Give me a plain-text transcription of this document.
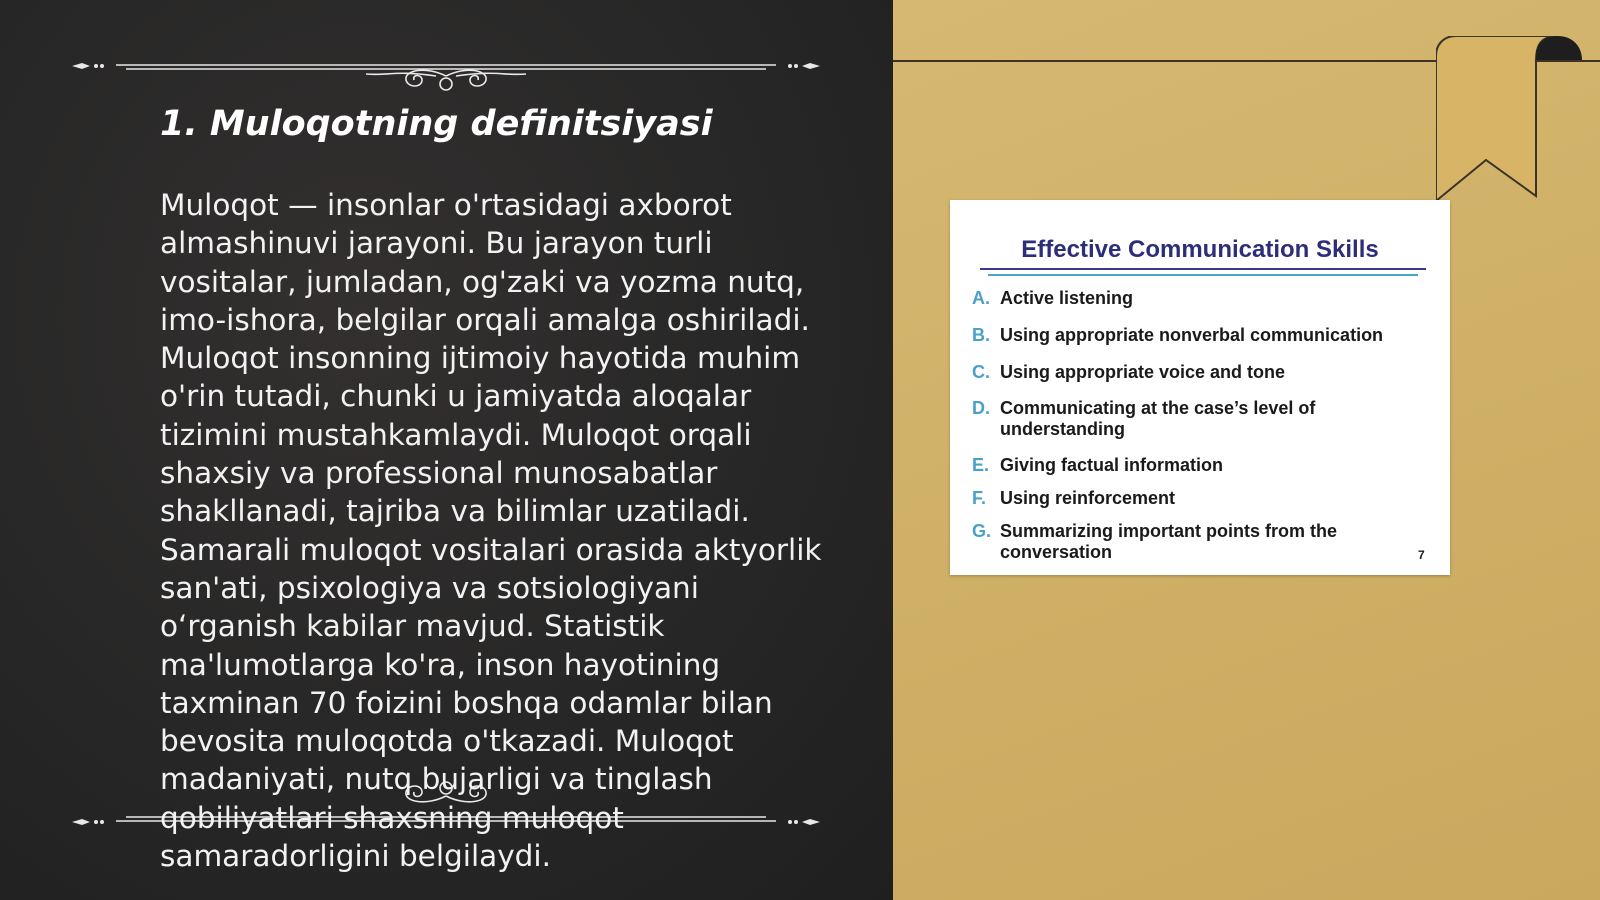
1. Muloqotning definitsiyasi

Muloqot — insonlar o'rtasidagi axborot almashinuvi jarayoni. Bu jarayon turli vositalar, jumladan, og'zaki va yozma nutq, imo-ishora, belgilar orqali amalga oshiriladi. Muloqot insonning ijtimoiy hayotida muhim o'rin tutadi, chunki u jamiyatda aloqalar tizimini mustahkamlaydi. Muloqot orqali shaxsiy va professional munosabatlar shakllanadi, tajriba va bilimlar uzatiladi. Samarali muloqot vositalari orasida aktyorlik san'ati, psixologiya va sotsiologiyani o‘rganish kabilar mavjud. Statistik ma'lumotlarga ko'ra, inson hayotining taxminan 70 foizini boshqa odamlar bilan bevosita muloqotda o'tkazadi. Muloqot madaniyati, nutq bujarligi va tinglash qobiliyatlari shaxsning muloqot samaradorligini belgilaydi.

Effective Communication Skills
A. Active listening
B. Using appropriate nonverbal communication
C. Using appropriate voice and tone
D. Communicating at the case’s level of understanding
E. Giving factual information
F. Using reinforcement
G. Summarizing important points from the conversation	7
